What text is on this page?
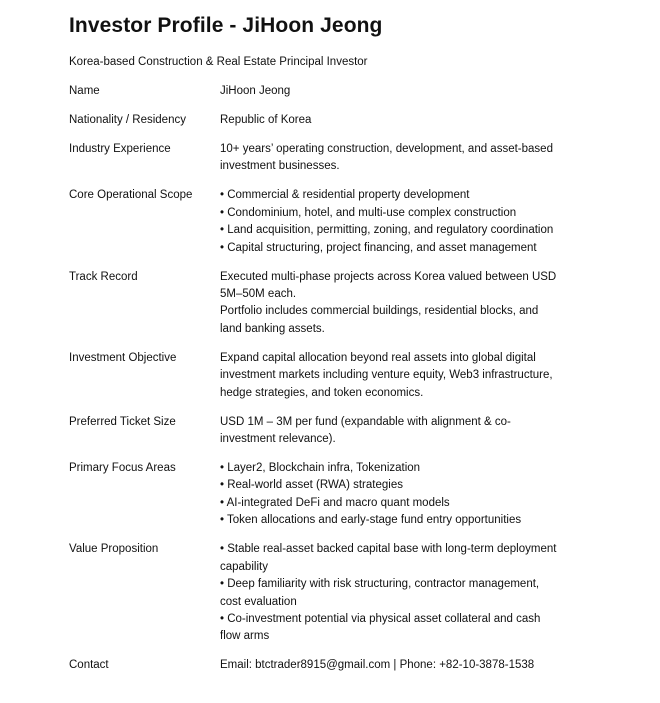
Investor Profile - JiHoon Jeong
Korea-based Construction & Real Estate Principal Investor
Name	JiHoon Jeong
Nationality / Residency	Republic of Korea
Industry Experience	10+ years’ operating construction, development, and asset-based investment businesses.
Core Operational Scope	• Commercial & residential property development
• Condominium, hotel, and multi-use complex construction
• Land acquisition, permitting, zoning, and regulatory coordination
• Capital structuring, project financing, and asset management
Track Record	Executed multi-phase projects across Korea valued between USD 5M–50M each.
Portfolio includes commercial buildings, residential blocks, and land banking assets.
Investment Objective	Expand capital allocation beyond real assets into global digital investment markets including venture equity, Web3 infrastructure, hedge strategies, and token economics.
Preferred Ticket Size	USD 1M – 3M per fund (expandable with alignment & co-investment relevance).
Primary Focus Areas	• Layer2, Blockchain infra, Tokenization
• Real-world asset (RWA) strategies
• AI-integrated DeFi and macro quant models
• Token allocations and early-stage fund entry opportunities
Value Proposition	• Stable real-asset backed capital base with long-term deployment capability
• Deep familiarity with risk structuring, contractor management, cost evaluation
• Co-investment potential via physical asset collateral and cash flow arms
Contact	Email: btctrader8915@gmail.com | Phone: +82-10-3878-1538
